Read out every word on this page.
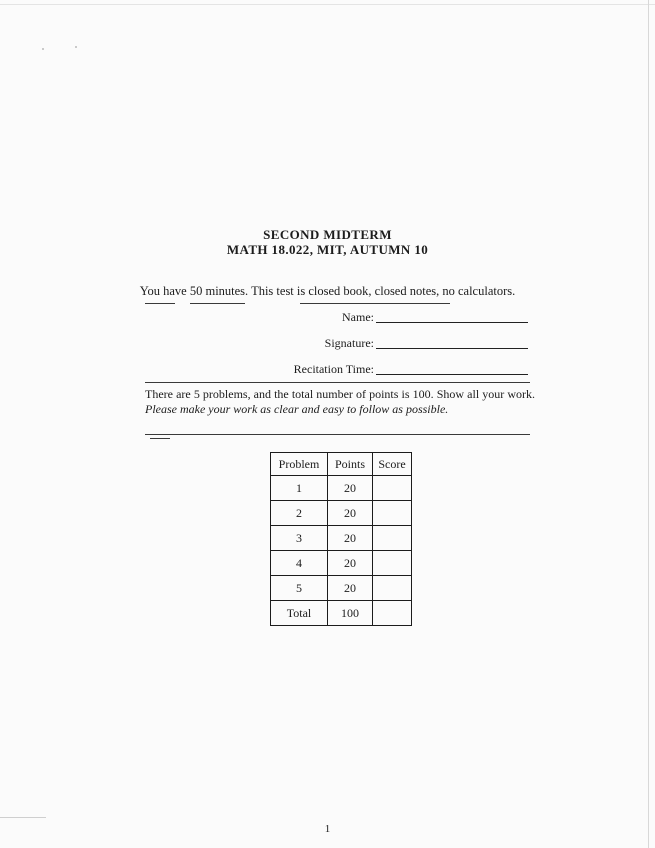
SECOND MIDTERM
MATH 18.022, MIT, AUTUMN 10
You have 50 minutes. This test is closed book, closed notes, no calculators.
Name:
Signature:
Recitation Time:
There are 5 problems, and the total number of points is 100. Show all your work. Please make your work as clear and easy to follow as possible.
Problem	Points	Score
1	20	
2	20	
3	20	
4	20	
5	20	
Total	100	
1
